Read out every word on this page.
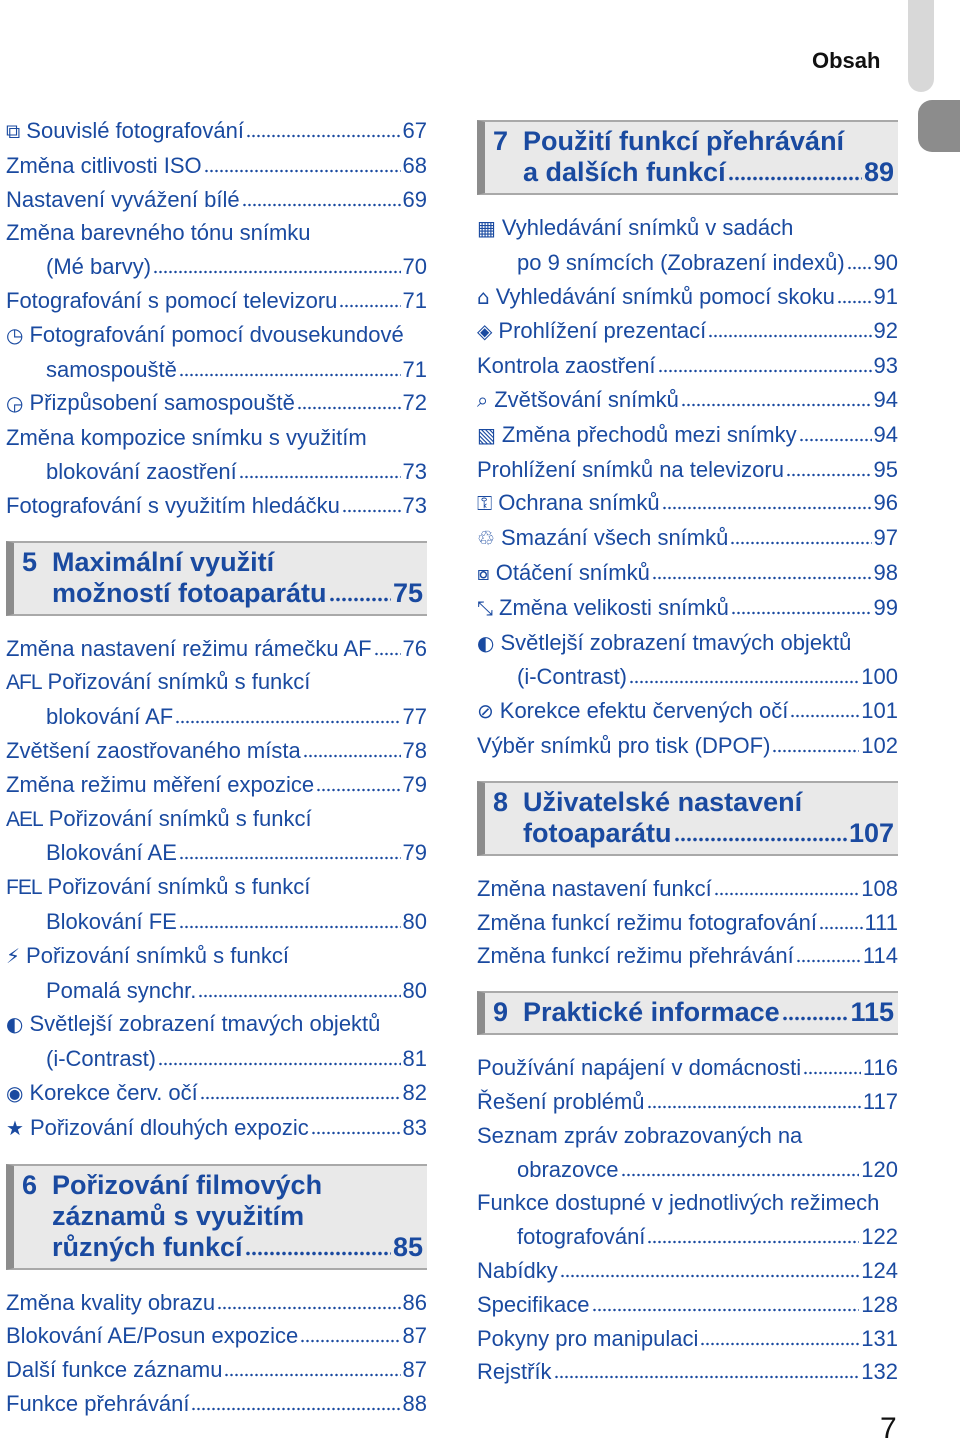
Obsah
⧉ Souvislé fotografování	67
Změna citlivosti ISO	68
Nastavení vyvážení bílé	69
Změna barevného tónu snímku
(Mé barvy)	70
Fotografování s pomocí televizoru	71
◷ Fotografování pomocí dvousekundové
samospouště	71
◶ Přizpůsobení samospouště	72
Změna kompozice snímku s využitím
blokování zaostření	73
Fotografování s využitím hledáčku	73
5 Maximální využití
možností fotoaparátu 75
Změna nastavení režimu rámečku AF 76
AFL Pořizování snímků s funkcí
blokování AF	77
Zvětšení zaostřovaného místa	78
Změna režimu měření expozice	79
AEL Pořizování snímků s funkcí
Blokování AE	79
FEL Pořizování snímků s funkcí
Blokování FE	80
⚡ Pořizování snímků s funkcí
Pomalá synchr.	80
◐ Světlejší zobrazení tmavých objektů
(i-Contrast)	81
◉ Korekce červ. očí	82
★ Pořizování dlouhých expozic	83
6 Pořizování filmových
záznamů s využitím
různých funkcí	85
Změna kvality obrazu	86
Blokování AE/Posun expozice	87
Další funkce záznamu	87
Funkce přehrávání	88
7 Použití funkcí přehrávání
a dalších funkcí	89
▦ Vyhledávání snímků v sadách
po 9 snímcích (Zobrazení indexů) 90
⌂ Vyhledávání snímků pomocí skoku 91
◈ Prohlížení prezentací	92
Kontrola zaostření	93
⌕ Zvětšování snímků	94
▧ Změna přechodů mezi snímky	94
Prohlížení snímků na televizoru	95
⚿ Ochrana snímků	96
♲ Smazání všech snímků	97
⧇ Otáčení snímků	98
⤡ Změna velikosti snímků	99
◐ Světlejší zobrazení tmavých objektů
(i-Contrast)	100
⊘ Korekce efektu červených očí	101
Výběr snímků pro tisk (DPOF)	102
8 Uživatelské nastavení
fotoaparátu	107
Změna nastavení funkcí	108
Změna funkcí režimu fotografování 111
Změna funkcí režimu přehrávání	114
9 Praktické informace	115
Používání napájení v domácnosti	116
Řešení problémů	117
Seznam zpráv zobrazovaných na
obrazovce	120
Funkce dostupné v jednotlivých režimech
fotografování	122
Nabídky	124
Specifikace	128
Pokyny pro manipulaci	131
Rejstřík	132
7
